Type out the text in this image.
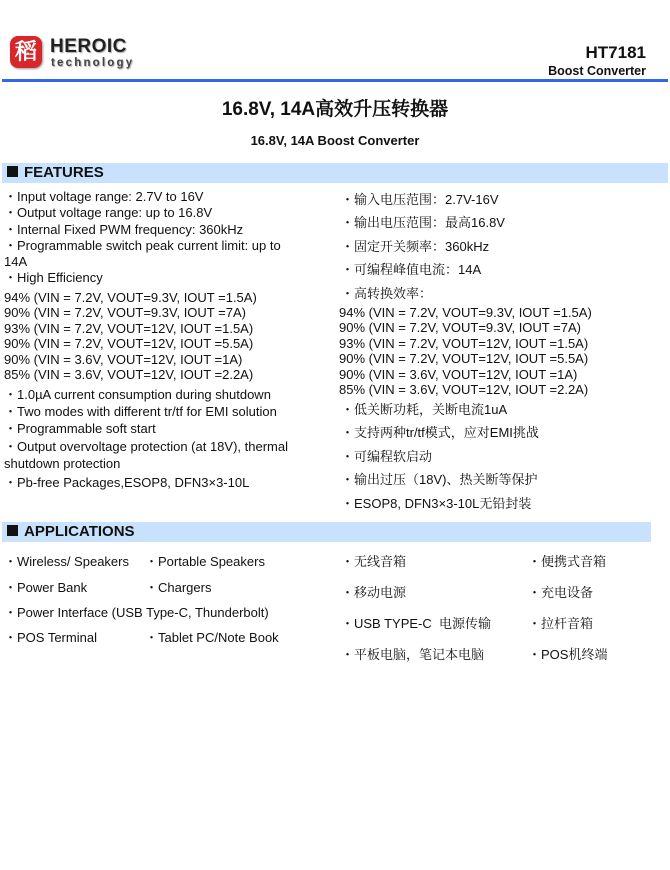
稻 HEROIC
technology
HT7181
Boost Converter
16.8V, 14A高效升压转换器
16.8V, 14A Boost Converter
FEATURES
・Input voltage range: 2.7V to 16V
・Output voltage range: up to 16.8V
・Internal Fixed PWM frequency: 360kHz
・Programmable switch peak current limit: up to
14A
・High Efficiency
94% (VIN = 7.2V, VOUT=9.3V, IOUT =1.5A)
90% (VIN = 7.2V, VOUT=9.3V, IOUT =7A)
93% (VIN = 7.2V, VOUT=12V, IOUT =1.5A)
90% (VIN = 7.2V, VOUT=12V, IOUT =5.5A)
90% (VIN = 3.6V, VOUT=12V, IOUT =1A)
85% (VIN = 3.6V, VOUT=12V, IOUT =2.2A)
・1.0µA current consumption during shutdown
・Two modes with different tr/tf for EMI solution
・Programmable soft start
・Output overvoltage protection (at 18V), thermal
shutdown protection
・Pb-free Packages,ESOP8, DFN3×3-10L
・输入电压范围：2.7V-16V
・输出电压范围：最高16.8V
・固定开关频率：360kHz
・可编程峰值电流：14A
・高转换效率：
94% (VIN = 7.2V, VOUT=9.3V, IOUT =1.5A)
90% (VIN = 7.2V, VOUT=9.3V, IOUT =7A)
93% (VIN = 7.2V, VOUT=12V, IOUT =1.5A)
90% (VIN = 7.2V, VOUT=12V, IOUT =5.5A)
90% (VIN = 3.6V, VOUT=12V, IOUT =1A)
85% (VIN = 3.6V, VOUT=12V, IOUT =2.2A)
・低关断功耗，关断电流1uA
・支持两种tr/tf模式，应对EMI挑战
・可编程软启动
・输出过压（18V)、热关断等保护
・ESOP8, DFN3×3-10L无铅封装
APPLICATIONS
・Wireless/ Speakers ・Portable Speakers
・Power Bank	・Chargers
・Power Interface (USB Type-C, Thunderbolt)
・POS Terminal	・Tablet PC/Note Book
・无线音箱	・便携式音箱
・移动电源	・充电设备
・USB TYPE-C  电源传输	・拉杆音箱
・平板电脑，笔记本电脑	・POS机终端
